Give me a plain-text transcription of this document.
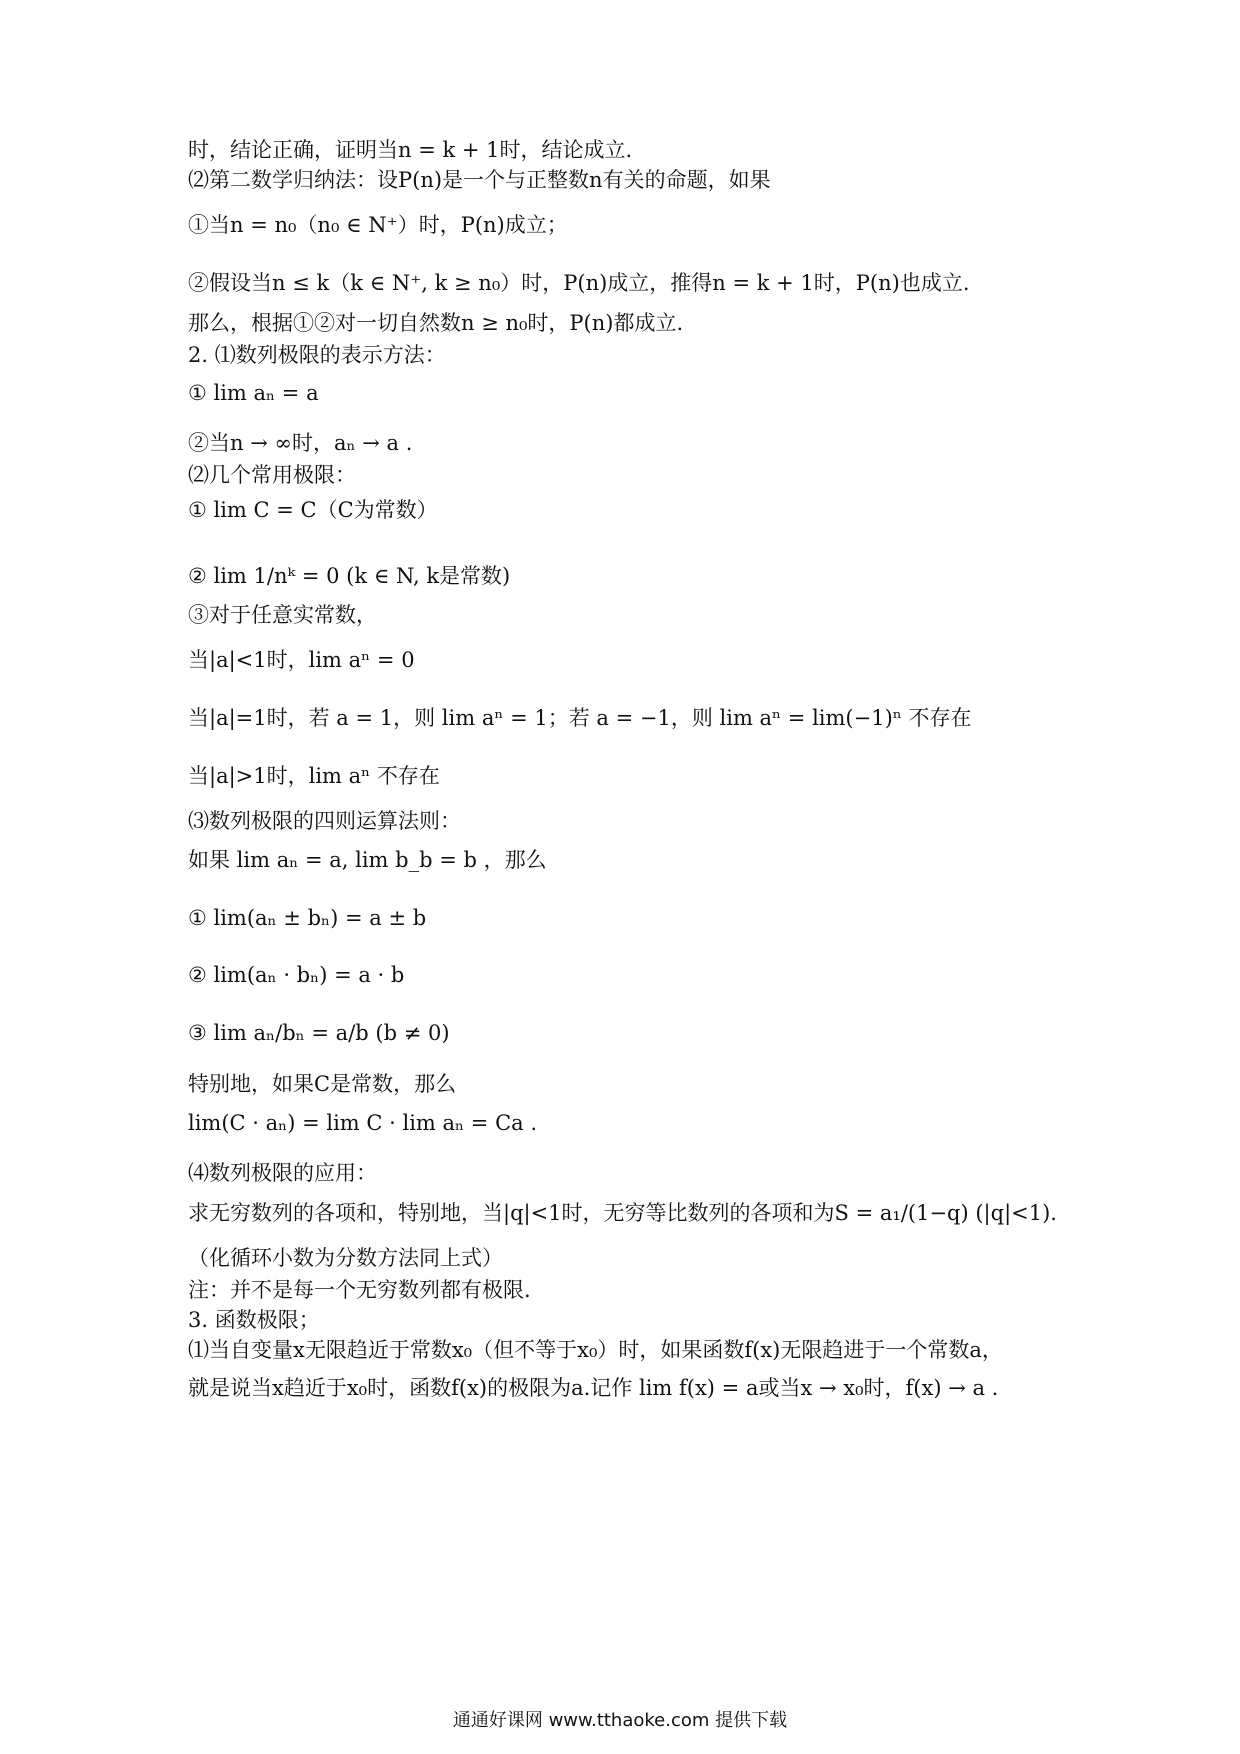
时，结论正确，证明当n = k + 1时，结论成立.
⑵第二数学归纳法：设P(n)是一个与正整数n有关的命题，如果
①当n = n₀（n₀ ∈ N⁺）时，P(n)成立；
②假设当n ≤ k（k ∈ N⁺, k ≥ n₀）时，P(n)成立，推得n = k + 1时，P(n)也成立.
那么，根据①②对一切自然数n ≥ n₀时，P(n)都成立.
2. ⑴数列极限的表示方法：
① lim aₙ = a
②当n → ∞时，aₙ → a .
⑵几个常用极限：
① lim C = C（C为常数）
② lim 1/nᵏ = 0 (k ∈ N, k是常数)
③对于任意实常数，
当|a|<1时，lim aⁿ = 0
当|a|=1时，若 a = 1，则 lim aⁿ = 1；若 a = −1，则 lim aⁿ = lim(−1)ⁿ 不存在
当|a|>1时，lim aⁿ 不存在
⑶数列极限的四则运算法则：
如果 lim aₙ = a, lim b_b = b ，那么
① lim(aₙ ± bₙ) = a ± b
② lim(aₙ · bₙ) = a · b
③ lim aₙ/bₙ = a/b (b ≠ 0)
特别地，如果C是常数，那么
lim(C · aₙ) = lim C · lim aₙ = Ca .
⑷数列极限的应用：
求无穷数列的各项和，特别地，当|q|<1时，无穷等比数列的各项和为S = a₁/(1−q) (|q|<1).
（化循环小数为分数方法同上式）
注：并不是每一个无穷数列都有极限.
3. 函数极限；
⑴当自变量x无限趋近于常数x₀（但不等于x₀）时，如果函数f(x)无限趋进于一个常数a，
就是说当x趋近于x₀时，函数f(x)的极限为a.记作 lim f(x) = a或当x → x₀时，f(x) → a .
通通好课网 www.tthaoke.com 提供下载
